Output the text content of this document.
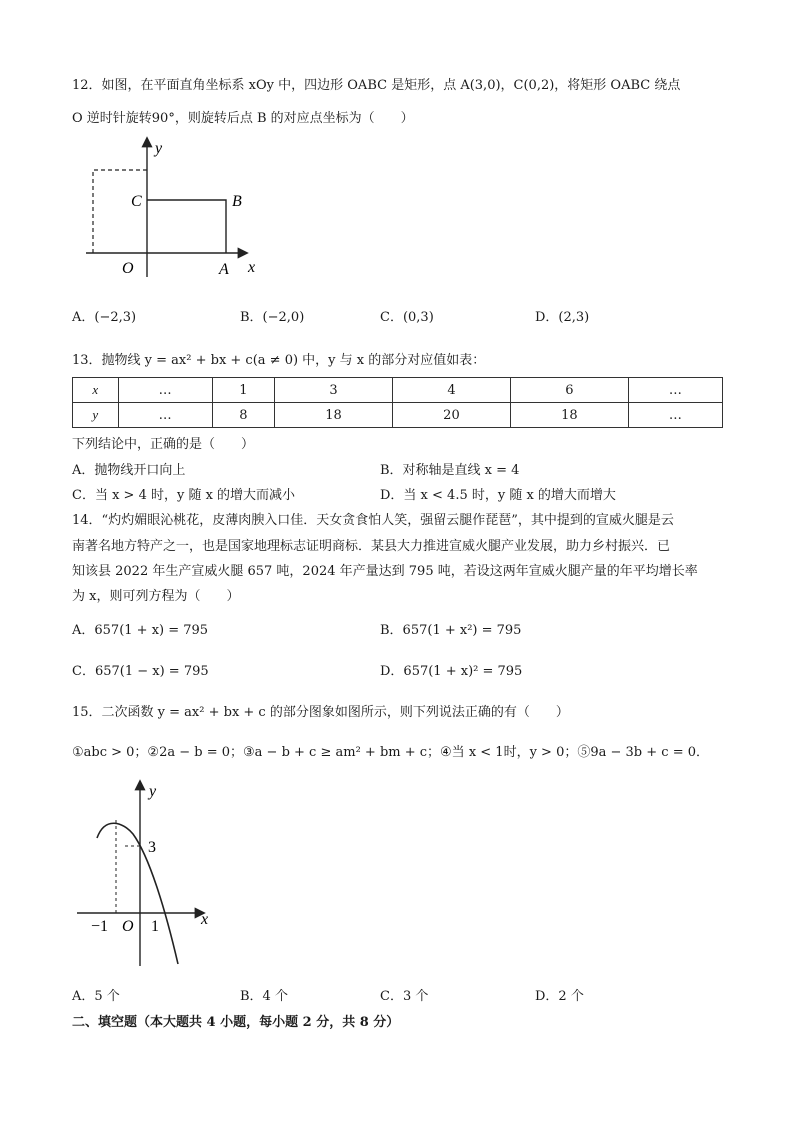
12．如图，在平面直角坐标系 xOy 中，四边形 OABC 是矩形，点 A(3,0)，C(0,2)，将矩形 OABC 绕点
O 逆时针旋转90°，则旋转后点 B 的对应点坐标为（　　）
y
x
O	A
B
C
A．(−2,3)	B．(−2,0)	C．(0,3)	D．(2,3)
13．抛物线 y = ax² + bx + c(a ≠ 0) 中，y 与 x 的部分对应值如表：
x	…	1	3	4	6	…
y	…	8	18	20	18	…
下列结论中，正确的是（　　）
A．抛物线开口向上	B．对称轴是直线 x = 4
C．当 x > 4 时，y 随 x 的增大而减小	D．当 x < 4.5 时，y 随 x 的增大而增大
14．“灼灼媚眼沁桃花，皮薄肉腴入口佳．天女贪食怕人笑，强留云腿作琵琶”，其中提到的宣威火腿是云
南著名地方特产之一，也是国家地理标志证明商标．某县大力推进宣威火腿产业发展，助力乡村振兴．已
知该县 2022 年生产宣威火腿 657 吨，2024 年产量达到 795 吨，若设这两年宣威火腿产量的年平均增长率
为 x，则可列方程为（　　）
A．657(1 + x) = 795	B．657(1 + x²) = 795
C．657(1 − x) = 795	D．657(1 + x)² = 795
15．二次函数 y = ax² + bx + c 的部分图象如图所示，则下列说法正确的有（　　）
①abc > 0；②2a − b = 0；③a − b + c ≥ am² + bm + c；④当 x < 1时，y > 0；⑤9a − 3b + c = 0．
y
x
3
−1 O 1
A．5 个	B．4 个	C．3 个	D．2 个
二、填空题（本大题共 4 小题，每小题 2 分，共 8 分）
